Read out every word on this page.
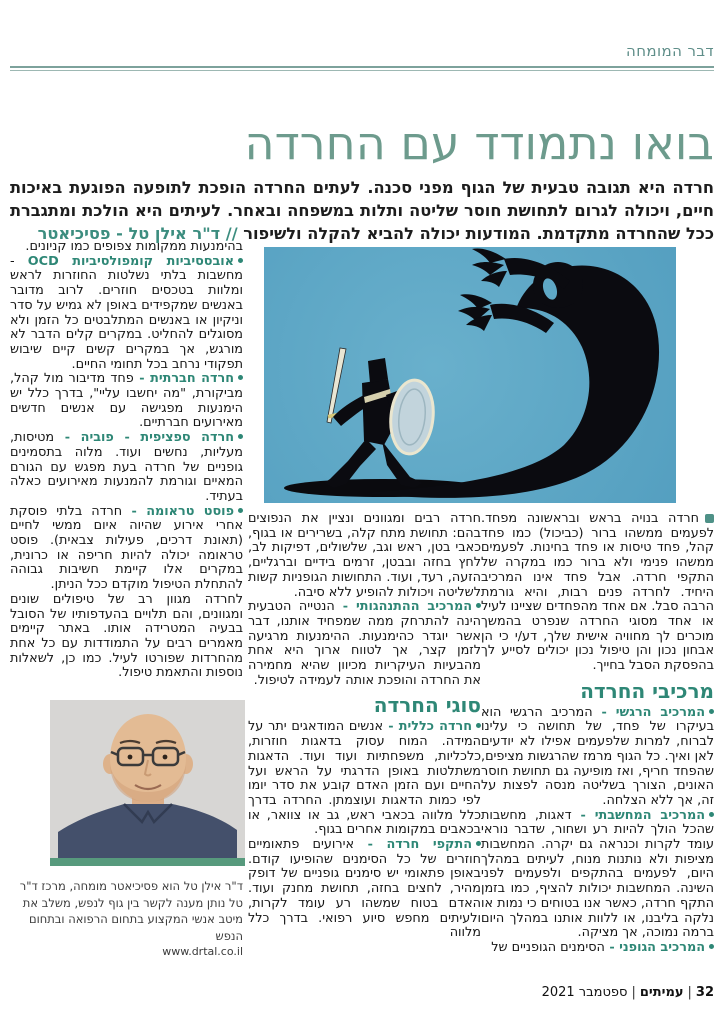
דבר המומחה
בואו נתמודד עם החרדה

חרדה היא תגובה טבעית של הגוף מפני סכנה. לעתים החרדה הופכת לתופעה הפוגעת באיכות חיים, ויכולה לגרום לתחושת חוסר שליטה ותלות במשפחה ובאחר. לעיתים היא הולכת ומתגברת ככל שהחרדה מתקדמת. המודעות יכולה להביא להקלה ולשיפור // ד"ר אילן טל - פסיכיאטר

חרדה בנויה בראש ובראשונה מפחד. לפעמים ממשהו ברור (כביכול) כמו פחד קהל, פחד טיסות או פחד בחינות. לפעמים ממשהו פנימי ולא ברור כמו במקרה של התקפי חרדה. אבל פחד אינו המרכיב היחיד. לחרדה פנים רבות, והיא גורמת הרבה סבל. אם אחד מהפחדים שציינו לעיל או אחד מסוגי החרדה שנפרט בהמשך מוכרים לך מחוויה אישית שלך, דע/י כי הן אבחון נכון והן טיפול נכון יכולים לסייע לך בהפסקת הסבל בחייך.

מרכיבי החרדה

המרכיב הרגשי - המרכיב הרגשי הוא בעיקרו של פחד, של תחושה כי עלינו לברוח, למרות שלפעמים אפילו לא יודעים לאן ואיך. כל הגוף מרמז שהרגשות מציפים, שהפחד חריף, ואז מופיעה גם תחושת חוסר האונים, הצורך בשליטה מנסה לפצות על זה, אך ללא הצלחה.

המרכיב המחשבתי - דאגות, מחשבות שהכל הולך להיות רע ושחור, שדבר נוראי עומד לקרות וכנראה גם יקרה. המחשבות מציפות ולא נותנות מנוח, לעיתים במהלך היום, לפעמים בהתקפים ולפעמים לפני השינה. המחשבות יכולות להציף, כמו בזמן התקף חרדה, כאשר אנו בטוחים כי נמות או נלקה בליבנו, או ללוות אותנו במהלך היום ברמה נמוכה, אך מציקה.

המרכיב הגופני - הסימנים הגופניים של

חרדה רבים ומגוונים ונציין את הנפוצים בהם: תחושת מתח קלה, בשרירים או בגוף, כאבי בטן, ראש וגב, שלשולים, דפיקות לב, לחץ בחזה ובבטן, זרמים בידיים וברגליים, הזעה, רעד, ועוד. התחושות הגופניות קשות לשליטה ויכולות להופיע ללא סיבה.

המרכיב ההתנהגותי - הנטייה הטבעית הינה להתרחק ממה שמפחיד אותנו, דבר אשר יוגדר כהימנעות. ההימנעות מרגיעה לזמן קצר, אך לטווח ארוך היא אחת מהבעיות העיקריות מכיוון שהיא מחמירה את החרדה והופכת אותה לעמידה לטיפול.

סוגי החרדה

חרדה כללית - אנשים המודאגים יתר על המידה. המוח עסוק בדאגות חוזרות, כלכליות, משפחתיות ועוד ועוד. הדאגות משתלטות באופן הדרגתי על הראש ועל החיים ועם הזמן האדם קובע את סדר יומו לפי כמות הדאגות ועוצמתן. החרדה בדרך כלל מלווה בכאבי ראש, גב או צוואר, או בכאבים במקומות אחרים בגוף.

התקפי חרדה - אירועים פתאומיים חוזרים של כל הסימנים שהופיעו קודם. באופן פתאומי יש סימנים גופניים של דופק מהיר, לחצים בחזה, תחושת מחנק ועוד. האדם בטוח שמשהו רע עומד לקרות, ולעיתים מחפש סיוע רפואי. בדרך כלל מלווה

בהימנעות ממקומות צפופים כמו קניונים.

אובססיביות קומפולסיביות OCD - מחשבות בלתי נשלטות החוזרות לראש ומלוות בטכסים חוזרים. לרוב מדובר באנשים שמקפידים באופן לא גמיש על סדר וניקיון או באנשים המתלבטים כל הזמן ולא מסוגלים להחליט. במקרים קלים הדבר לא מורגש, אך במקרים קשים קיים שיבוש תפקודי נרחב בכל תחומי החיים.

חרדה חברתית - פחד מדיבור מול קהל, מביקורת, "מה יחשבו עליי", בדרך כלל יש הימנעות מפגישה עם אנשים חדשים מאירועים חברתיים.

חרדה ספציפית - פוביה - מטיסות, מעליות, נחשים ועוד. מלוה בתסמינים גופניים של חרדה בעת מפגש עם הגורם המאיים וגורמת להמנעות מאירועים כאלה בעתיד.

פוסט טראומה - חרדה בלתי פוסקת אחרי אירוע שהיוה איום ממשי לחיים (תאונת דרכים, פעילות צבאית). פוסט טראומה יכולה להיות חריפה או כרונית, במקרים אלו קיימת חשיבות גבוהה להתחלת הטיפול מוקדם ככל הניתן.

לחרדה מגוון רב של טיפולים שונים ומגוונים, והם תלויים בהעדפותיו של הסובל בבעיה המטרידה אותו. באתר קיימים מאמרים רבים על התמודדות עם כל אחת מהחרדות שפורטו לעיל. כמו כן, לשאלות נוספות והתאמת טיפול.

ד"ר אילן טל הוא פסיכיאטר מומחה, מרכז ד"ר טל נותן מענה לקשר בין גוף לנפש, משלב את מיטב אנשי המקצוע בתחום הרפואה ובתחום הנפש
www.drtal.co.il
32|עמיתים|ספטמבר 2021
